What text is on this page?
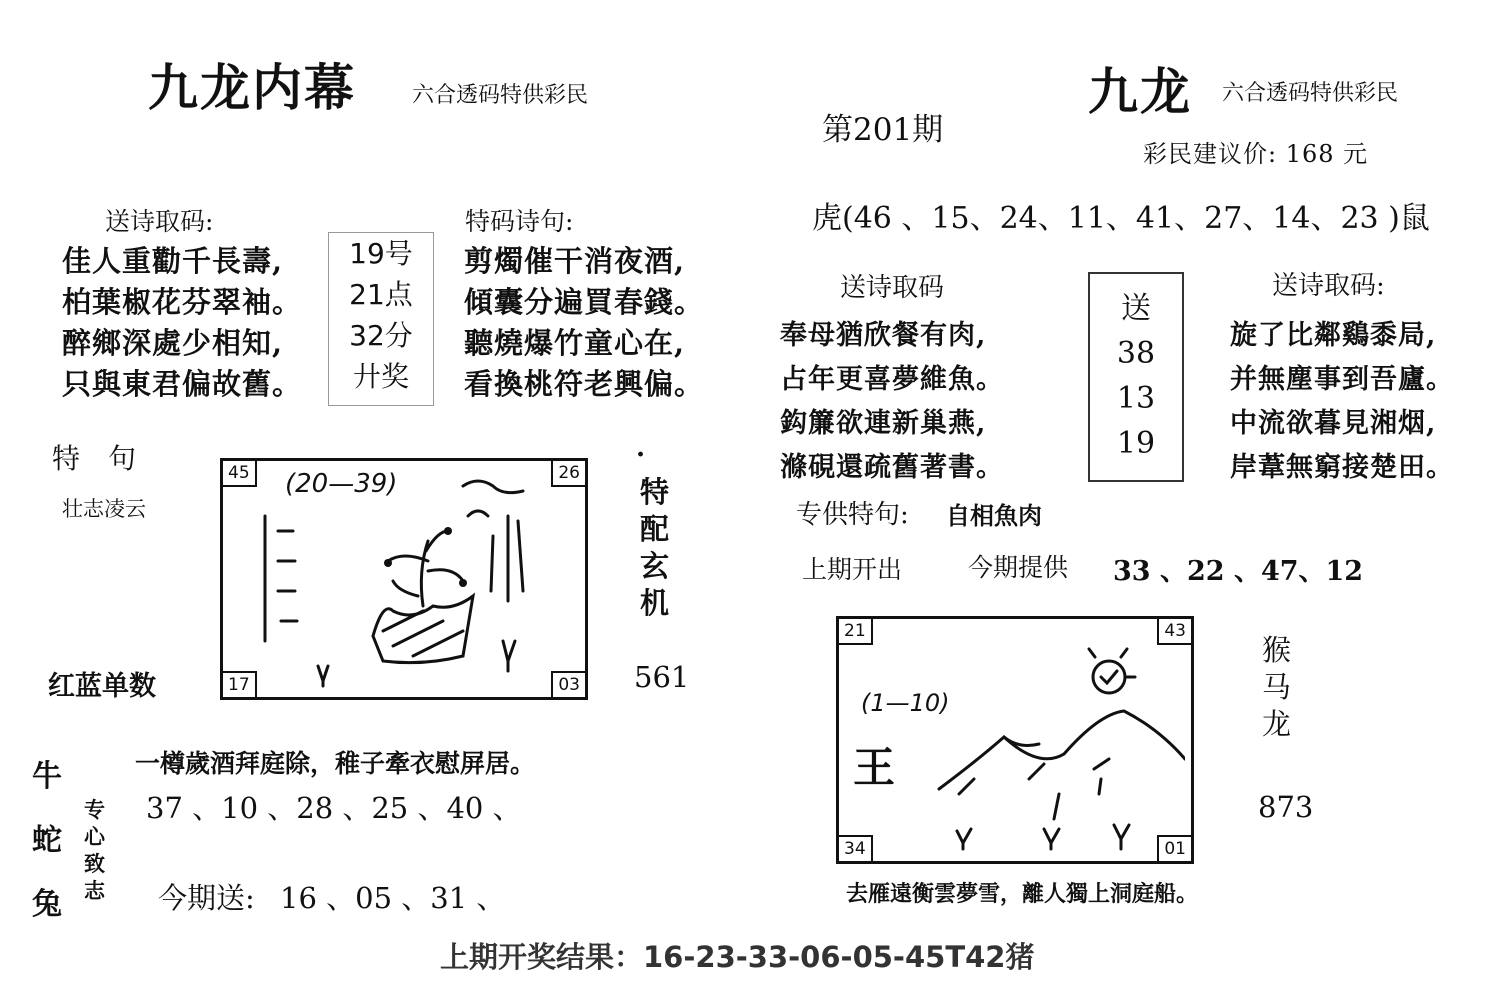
九龙内幕	六合透码特供彩民
送诗取码:	特码诗句:
佳人重勸千長壽,
柏葉椒花芬翠袖。
醉鄉深處少相知,
只與東君偏故舊。
19号
21点
32分
廾奖
剪燭催干消夜酒,
傾囊分遍買春錢。
聽燒爆竹童心在,
看換桃符老興偏。
特　句
壮志凌云
红蓝单数
45	26
17	03
(20—39)
·
特
配
玄
机
561
牛
蛇
兔
专
心
致
志
一樽歲酒拜庭除，稚子牽衣慰屏居。
37 、10 、28 、25 、40 、
今期送: 16 、05 、31 、
九龙 六合透码特供彩民
第201期
彩民建议价: 168 元
虎(46 、15、24、11、41、27、14、23 )鼠
送诗取码	送诗取码:
奉母猶欣餐有肉,
占年更喜夢維魚。
鈎簾欲連新巢燕,
滌硯還疏舊著書。
送
38
13
19
旋了比鄰鷄黍局,
并無塵事到吾廬。
中流欲暮見湘烟,
岸葦無窮接楚田。
专供特句: 自相魚肉
上期开出	今期提供 33 、22 、47、12
21	43
34	01
(1—10)
王
猴
马
龙
873
去雁遠衡雲夢雪，離人獨上洞庭船。
上期开奖结果：16-23-33-06-05-45T42猪
